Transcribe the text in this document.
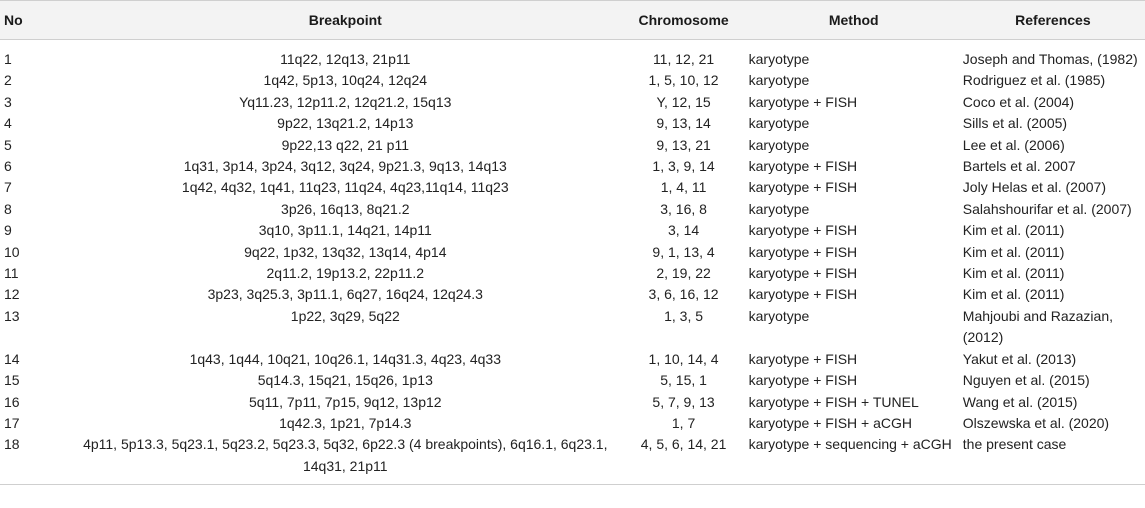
No	Breakpoint	Chromosome	Method	References
1	11q22, 12q13, 21p11	11, 12, 21	karyotype	Joseph and Thomas, (1982)
2	1q42, 5p13, 10q24, 12q24	1, 5, 10, 12	karyotype	Rodriguez et al. (1985)
3	Yq11.23, 12p11.2, 12q21.2, 15q13	Y, 12, 15	karyotype + FISH	Coco et al. (2004)
4	9p22, 13q21.2, 14p13	9, 13, 14	karyotype	Sills et al. (2005)
5	9p22,13 q22, 21 p11	9, 13, 21	karyotype	Lee et al. (2006)
6	1q31, 3p14, 3p24, 3q12, 3q24, 9p21.3, 9q13, 14q13	1, 3, 9, 14	karyotype + FISH	Bartels et al. 2007
7	1q42, 4q32, 1q41, 11q23, 11q24, 4q23,11q14, 11q23	1, 4, 11	karyotype + FISH	Joly Helas et al. (2007)
8	3p26, 16q13, 8q21.2	3, 16, 8	karyotype	Salahshourifar et al. (2007)
9	3q10, 3p11.1, 14q21, 14p11	3, 14	karyotype + FISH	Kim et al. (2011)
10	9q22, 1p32, 13q32, 13q14, 4p14	9, 1, 13, 4	karyotype + FISH	Kim et al. (2011)
11	2q11.2, 19p13.2, 22p11.2	2, 19, 22	karyotype + FISH	Kim et al. (2011)
12	3p23, 3q25.3, 3p11.1, 6q27, 16q24, 12q24.3	3, 6, 16, 12	karyotype + FISH	Kim et al. (2011)
13	1p22, 3q29, 5q22	1, 3, 5	karyotype	Mahjoubi and Razazian, (2012)
14	1q43, 1q44, 10q21, 10q26.1, 14q31.3, 4q23, 4q33	1, 10, 14, 4	karyotype + FISH	Yakut et al. (2013)
15	5q14.3, 15q21, 15q26, 1p13	5, 15, 1	karyotype + FISH	Nguyen et al. (2015)
16	5q11, 7p11, 7p15, 9q12, 13p12	5, 7, 9, 13	karyotype + FISH + TUNEL	Wang et al. (2015)
17	1q42.3, 1p21, 7p14.3	1, 7	karyotype + FISH + aCGH	Olszewska et al. (2020)
18	4p11, 5p13.3, 5q23.1, 5q23.2, 5q23.3, 5q32, 6p22.3 (4 breakpoints), 6q16.1, 6q23.1, 14q31, 21p11	4, 5, 6, 14, 21	karyotype + sequencing + aCGH	the present case
